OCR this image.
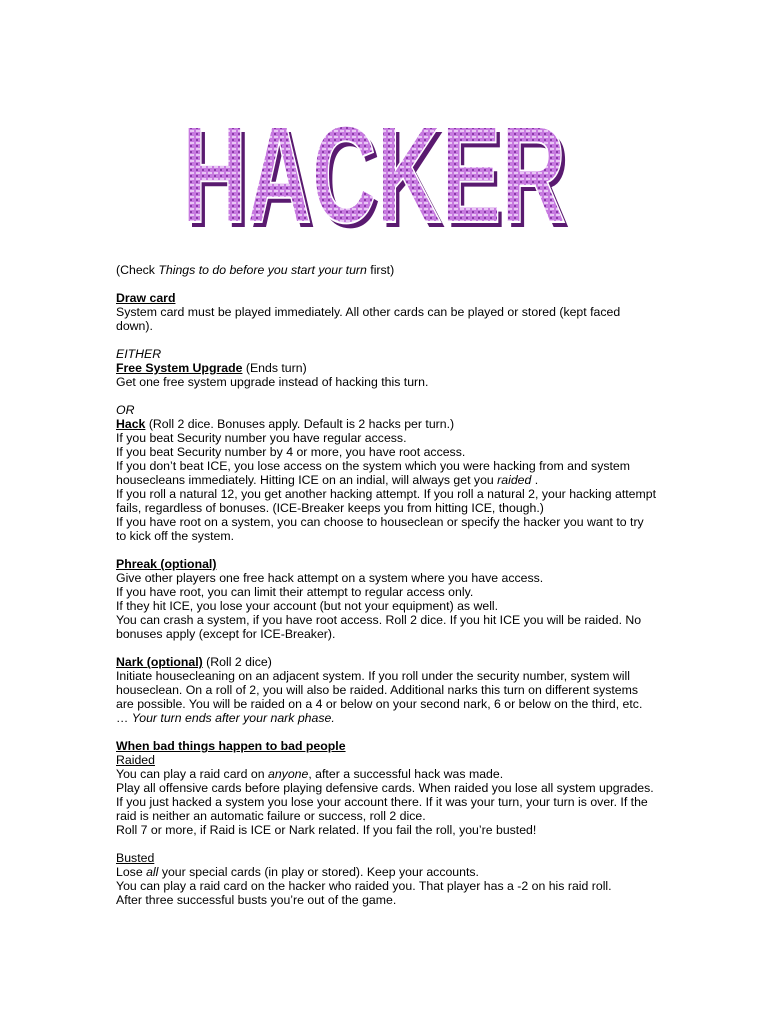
HACKER
HACKER

(Check Things to do before you start your turn first)

Draw card

System card must be played immediately. All other cards can be played or stored (kept faced down).

EITHER

Free System Upgrade (Ends turn)

Get one free system upgrade instead of hacking this turn.

OR

Hack (Roll 2 dice. Bonuses apply. Default is 2 hacks per turn.)

If you beat Security number you have regular access.

If you beat Security number by 4 or more, you have root access.

If you don’t beat ICE, you lose access on the system which you were hacking from and system housecleans immediately. Hitting ICE on an indial, will always get you raided .

If you roll a natural 12, you get another hacking attempt. If you roll a natural 2, your hacking attempt fails, regardless of bonuses. (ICE-Breaker keeps you from hitting ICE, though.)

If you have root on a system, you can choose to houseclean or specify the hacker you want to try to kick off the system.

Phreak (optional)

Give other players one free hack attempt on a system where you have access.

If you have root, you can limit their attempt to regular access only.

If they hit ICE, you lose your account (but not your equipment) as well.

You can crash a system, if you have root access. Roll 2 dice. If you hit ICE you will be raided. No bonuses apply (except for ICE-Breaker).

Nark (optional) (Roll 2 dice)

Initiate housecleaning on an adjacent system. If you roll under the security number, system will houseclean. On a roll of 2, you will also be raided. Additional narks this turn on different systems are possible. You will be raided on a 4 or below on your second nark, 6 or below on the third, etc. … Your turn ends after your nark phase.

When bad things happen to bad people

Raided

You can play a raid card on anyone, after a successful hack was made.

Play all offensive cards before playing defensive cards. When raided you lose all system upgrades. If you just hacked a system you lose your account there. If it was your turn, your turn is over. If the raid is neither an automatic failure or success, roll 2 dice.

Roll 7 or more, if Raid is ICE or Nark related. If you fail the roll, you’re busted!

Busted

Lose all your special cards (in play or stored). Keep your accounts.

You can play a raid card on the hacker who raided you. That player has a -2 on his raid roll.

After three successful busts you’re out of the game.
